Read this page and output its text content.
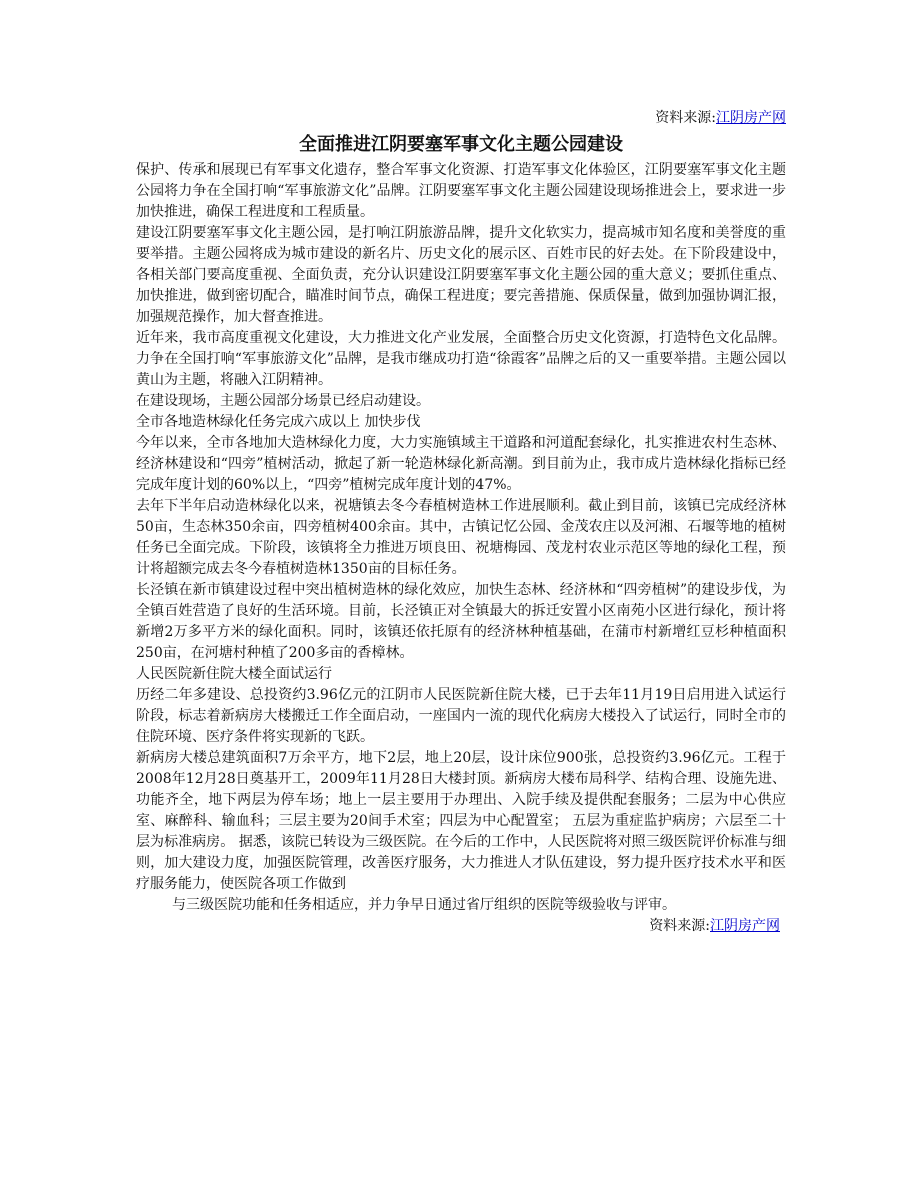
资料来源:江阴房产网
全面推进江阴要塞军事文化主题公园建设

保护、传承和展现已有军事文化遗存，整合军事文化资源、打造军事文化体验区，江阴要塞军事文化主题公园将力争在全国打响“军事旅游文化”品牌。江阴要塞军事文化主题公园建设现场推进会上，要求进一步加快推进，确保工程进度和工程质量。

建设江阴要塞军事文化主题公园，是打响江阴旅游品牌，提升文化软实力，提高城市知名度和美誉度的重要举措。主题公园将成为城市建设的新名片、历史文化的展示区、百姓市民的好去处。在下阶段建设中，各相关部门要高度重视、全面负责，充分认识建设江阴要塞军事文化主题公园的重大意义；要抓住重点、加快推进，做到密切配合，瞄准时间节点，确保工程进度；要完善措施、保质保量，做到加强协调汇报，加强规范操作，加大督查推进。

近年来，我市高度重视文化建设，大力推进文化产业发展，全面整合历史文化资源，打造特色文化品牌。力争在全国打响“军事旅游文化”品牌，是我市继成功打造“徐霞客”品牌之后的又一重要举措。主题公园以黄山为主题，将融入江阴精神。

在建设现场，主题公园部分场景已经启动建设。

全市各地造林绿化任务完成六成以上 加快步伐

今年以来，全市各地加大造林绿化力度，大力实施镇域主干道路和河道配套绿化，扎实推进农村生态林、经济林建设和“四旁”植树活动，掀起了新一轮造林绿化新高潮。到目前为止，我市成片造林绿化指标已经完成年度计划的60%以上，“四旁”植树完成年度计划的47%。

去年下半年启动造林绿化以来，祝塘镇去冬今春植树造林工作进展顺利。截止到目前，该镇已完成经济林50亩，生态林350余亩，四旁植树400余亩。其中，古镇记忆公园、金茂农庄以及河湘、石堰等地的植树任务已全面完成。下阶段，该镇将全力推进万顷良田、祝塘梅园、茂龙村农业示范区等地的绿化工程，预计将超额完成去冬今春植树造林1350亩的目标任务。

长泾镇在新市镇建设过程中突出植树造林的绿化效应，加快生态林、经济林和“四旁植树”的建设步伐，为全镇百姓营造了良好的生活环境。目前，长泾镇正对全镇最大的拆迁安置小区南苑小区进行绿化，预计将新增2万多平方米的绿化面积。同时，该镇还依托原有的经济林种植基础，在蒲市村新增红豆杉种植面积250亩，在河塘村种植了200多亩的香樟林。

人民医院新住院大楼全面试运行

历经二年多建设、总投资约3.96亿元的江阴市人民医院新住院大楼，已于去年11月19日启用进入试运行阶段，标志着新病房大楼搬迁工作全面启动，一座国内一流的现代化病房大楼投入了试运行，同时全市的住院环境、医疗条件将实现新的飞跃。

新病房大楼总建筑面积7万余平方，地下2层，地上20层，设计床位900张，总投资约3.96亿元。工程于2008年12月28日奠基开工，2009年11月28日大楼封顶。新病房大楼布局科学、结构合理、设施先进、功能齐全，地下两层为停车场；地上一层主要用于办理出、入院手续及提供配套服务；二层为中心供应室、麻醉科、输血科；三层主要为20间手术室；四层为中心配置室； 五层为重症监护病房；六层至二十层为标准病房。 据悉，该院已转设为三级医院。在今后的工作中，人民医院将对照三级医院评价标准与细则，加大建设力度，加强医院管理，改善医疗服务，大力推进人才队伍建设，努力提升医疗技术水平和医疗服务能力，使医院各项工作做到

与三级医院功能和任务相适应，并力争早日通过省厅组织的医院等级验收与评审。

资料来源:江阴房产网
